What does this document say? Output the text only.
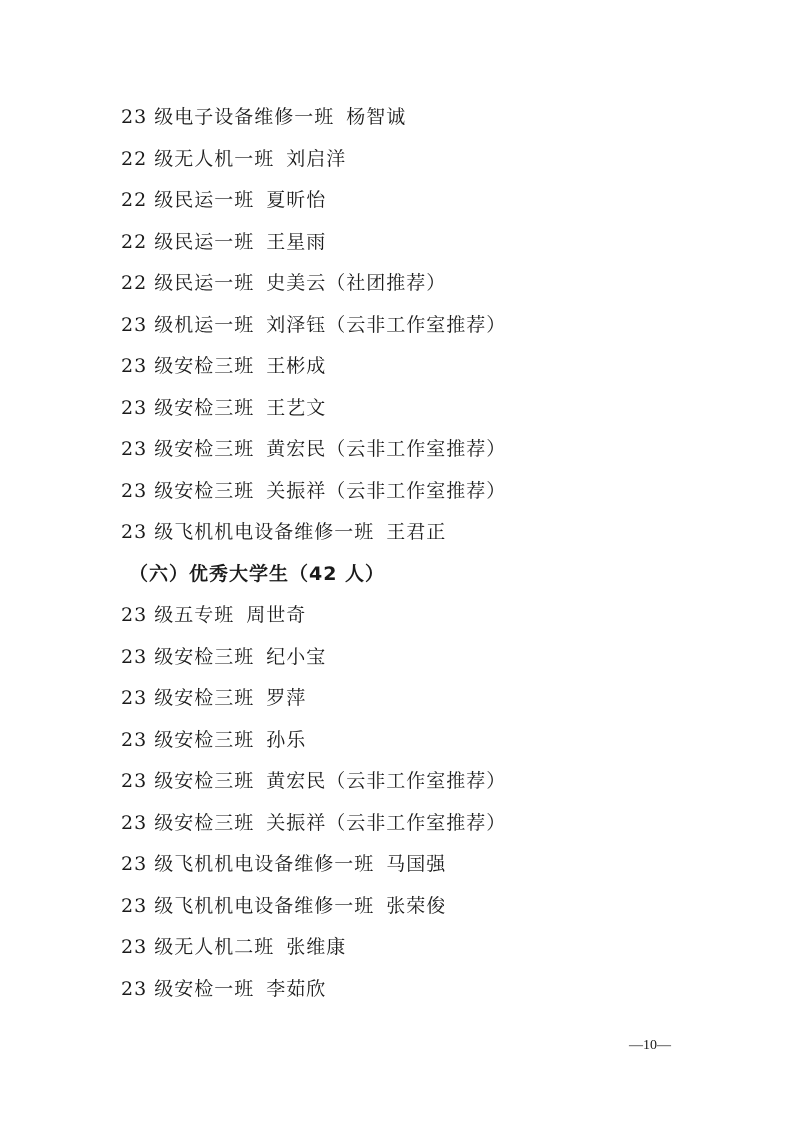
23 级电子设备维修一班 杨智诚
22 级无人机一班 刘启洋
22 级民运一班 夏昕怡
22 级民运一班 王星雨
22 级民运一班 史美云（社团推荐）
23 级机运一班 刘泽钰（云非工作室推荐）
23 级安检三班 王彬成
23 级安检三班 王艺文
23 级安检三班 黄宏民（云非工作室推荐）
23 级安检三班 关振祥（云非工作室推荐）
23 级飞机机电设备维修一班 王君正
（六）优秀大学生（42 人）
23 级五专班 周世奇
23 级安检三班 纪小宝
23 级安检三班 罗萍
23 级安检三班 孙乐
23 级安检三班 黄宏民（云非工作室推荐）
23 级安检三班 关振祥（云非工作室推荐）
23 级飞机机电设备维修一班 马国强
23 级飞机机电设备维修一班 张荣俊
23 级无人机二班 张维康
23 级安检一班 李茹欣
—10—
